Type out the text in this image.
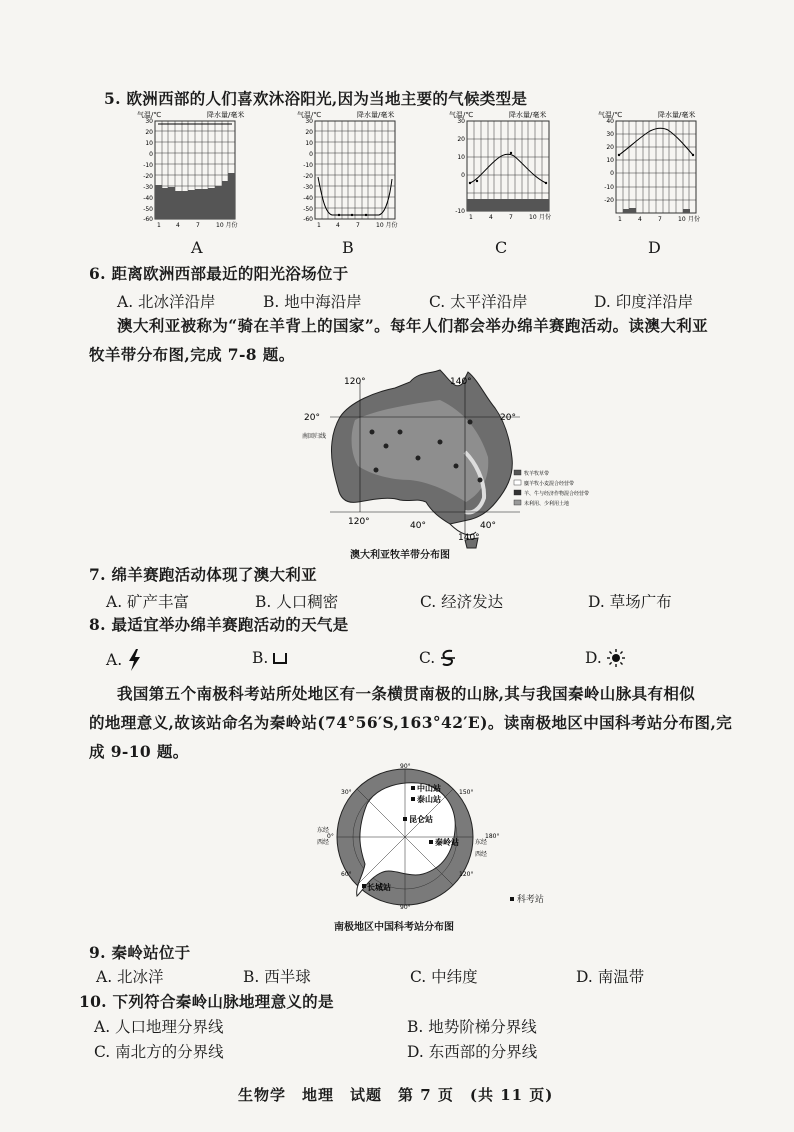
5. 欧洲西部的人们喜欢沐浴阳光,因为当地主要的气候类型是
气温/℃	降水量/毫米
30
20
10
0
-10
-20
-30
-40
-50
-60
1	4	7	10 月份
A
气温/℃	降水量/毫米
30
20
10
0
-10
-20
-30
-40
-50
-60
1	4	7	10 月份
B
气温/℃	降水量/毫米
30
20
10
0
-10
1	4	7	10 月份
C
气温/℃	降水量/毫米
40
30
20
10
0
-10
-20
1	4	7	10 月份
D
6. 距离欧洲西部最近的阳光浴场位于
A. 北冰洋沿岸	B. 地中海沿岸	C. 太平洋沿岸	D. 印度洋沿岸
澳大利亚被称为“骑在羊背上的国家”。每年人们都会举办绵羊赛跑活动。读澳大利亚
牧羊带分布图,完成 7-8 题。
120°	140°
120°
140°
20°	20°
40°	40°
南回归线
牧羊牧草带
麋羊牧小麦混合经营带
羊、牛与经济作物混合经营带
未利用、少利用土地
澳大利亚牧羊带分布图
7. 绵羊赛跑活动体现了澳大利亚
A. 矿产丰富	B. 人口稠密	C. 经济发达	D. 草场广布
8. 最适宜举办绵羊赛跑活动的天气是
A.	B.	C.	D.
我国第五个南极科考站所处地区有一条横贯南极的山脉,其与我国秦岭山脉具有相似
的地理意义,故该站命名为秦岭站(74°56′S,163°42′E)。读南极地区中国科考站分布图,完
成 9-10 题。
中山站
泰山站
昆仑站
秦岭站
长城站
90°
东经
东经
西经
西经
0°	180°
30°	150°
60°	120°
90°
科考站
南极地区中国科考站分布图
9. 秦岭站位于
A. 北冰洋	B. 西半球	C. 中纬度	D. 南温带
10. 下列符合秦岭山脉地理意义的是
A. 人口地理分界线	B. 地势阶梯分界线
C. 南北方的分界线	D. 东西部的分界线
生物学　地理　试题　第 7 页　(共 11 页)
